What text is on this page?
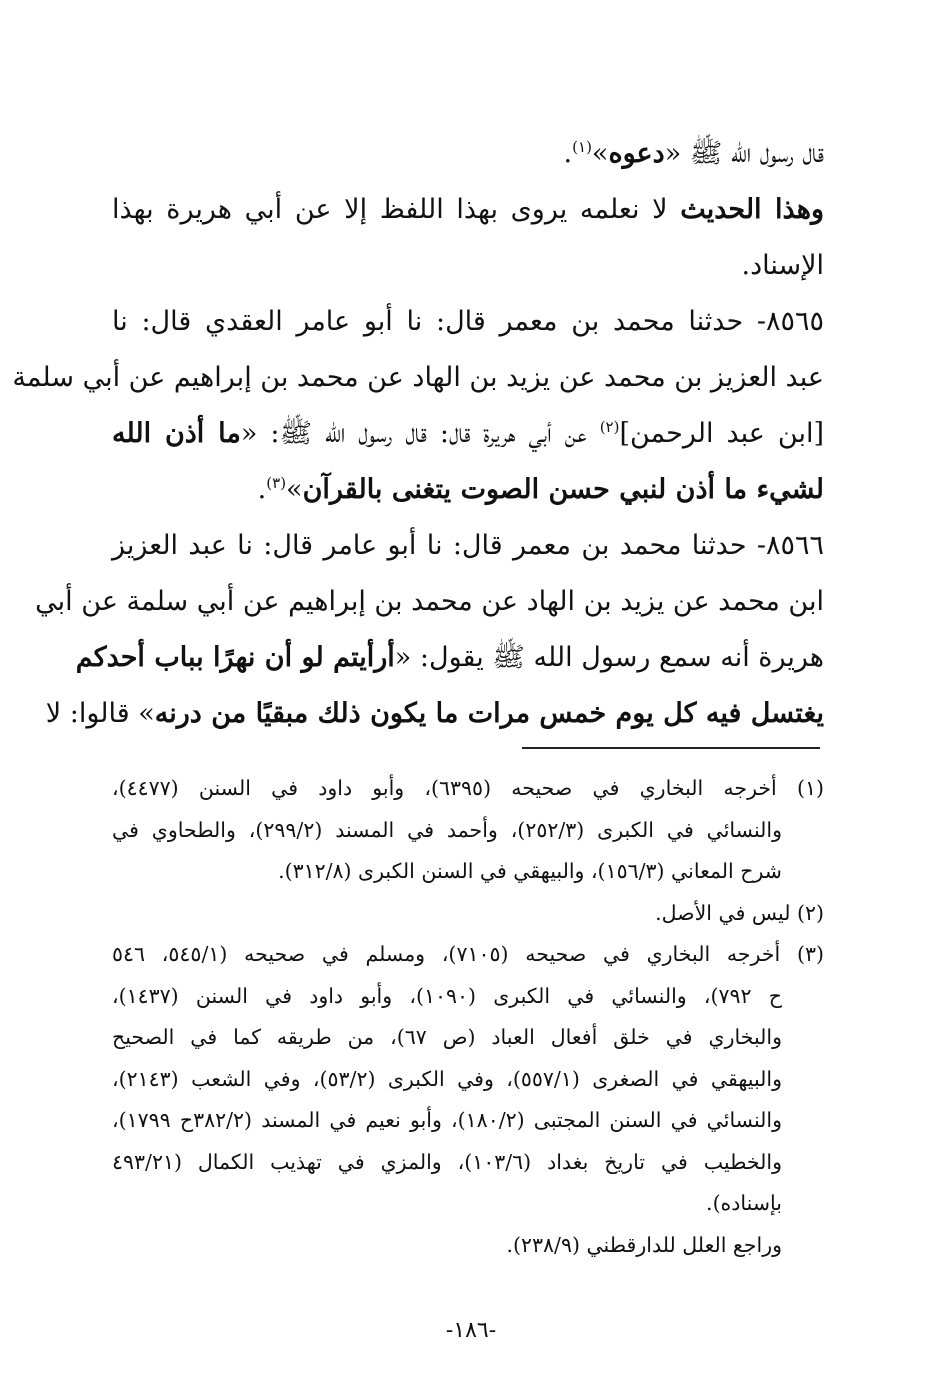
قال رسول الله ﷺ «دعوه»$^{(١)}$.
وهذا الحديث لا نعلمه يروى بهذا اللفظ إلا عن أبي هريرة بهذا
الإسناد.
٨٥٦٥- حدثنا محمد بن معمر قال: نا أبو عامر العقدي قال: نا
عبد العزيز بن محمد عن يزيد بن الهاد عن محمد بن إبراهيم عن أبي سلمة
[ابن عبد الرحمن]$^{(٢)}$ عن أبي هريرة قال: قال رسول الله ﷺ: «ما أذن الله
لشيء ما أذن لنبي حسن الصوت يتغنى بالقرآن»$^{(٣)}$.
٨٥٦٦- حدثنا محمد بن معمر قال: نا أبو عامر قال: نا عبد العزيز
ابن محمد عن يزيد بن الهاد عن محمد بن إبراهيم عن أبي سلمة عن أبي
هريرة أنه سمع رسول الله ﷺ يقول: «أرأيتم لو أن نهرًا بباب أحدكم
يغتسل فيه كل يوم خمس مرات ما يكون ذلك مبقيًا من درنه» قالوا: لا
(١) أخرجه البخاري في صحيحه (٦٣٩٥)، وأبو داود في السنن (٤٤٧٧)،
والنسائي في الكبرى (٢٥٢/٣)، وأحمد في المسند (٢٩٩/٢)، والطحاوي في
شرح المعاني (١٥٦/٣)، والبيهقي في السنن الكبرى (٣١٢/٨).
(٢) ليس في الأصل.
(٣) أخرجه البخاري في صحيحه (٧١٠٥)، ومسلم في صحيحه (٥٤٥/١، ٥٤٦
ح ٧٩٢)، والنسائي في الكبرى (١٠٩٠)، وأبو داود في السنن (١٤٣٧)،
والبخاري في خلق أفعال العباد (ص ٦٧)، من طريقه كما في الصحيح
والبيهقي في الصغرى (٥٥٧/١)، وفي الكبرى (٥٣/٢)، وفي الشعب (٢١٤٣)،
والنسائي في السنن المجتبى (١٨٠/٢)، وأبو نعيم في المسند (٣٨٢/٢ح ١٧٩٩)،
والخطيب في تاريخ بغداد (١٠٣/٦)، والمزي في تهذيب الكمال (٤٩٣/٢١
بإسناده).
وراجع العلل للدارقطني (٢٣٨/٩).
-١٨٦-
